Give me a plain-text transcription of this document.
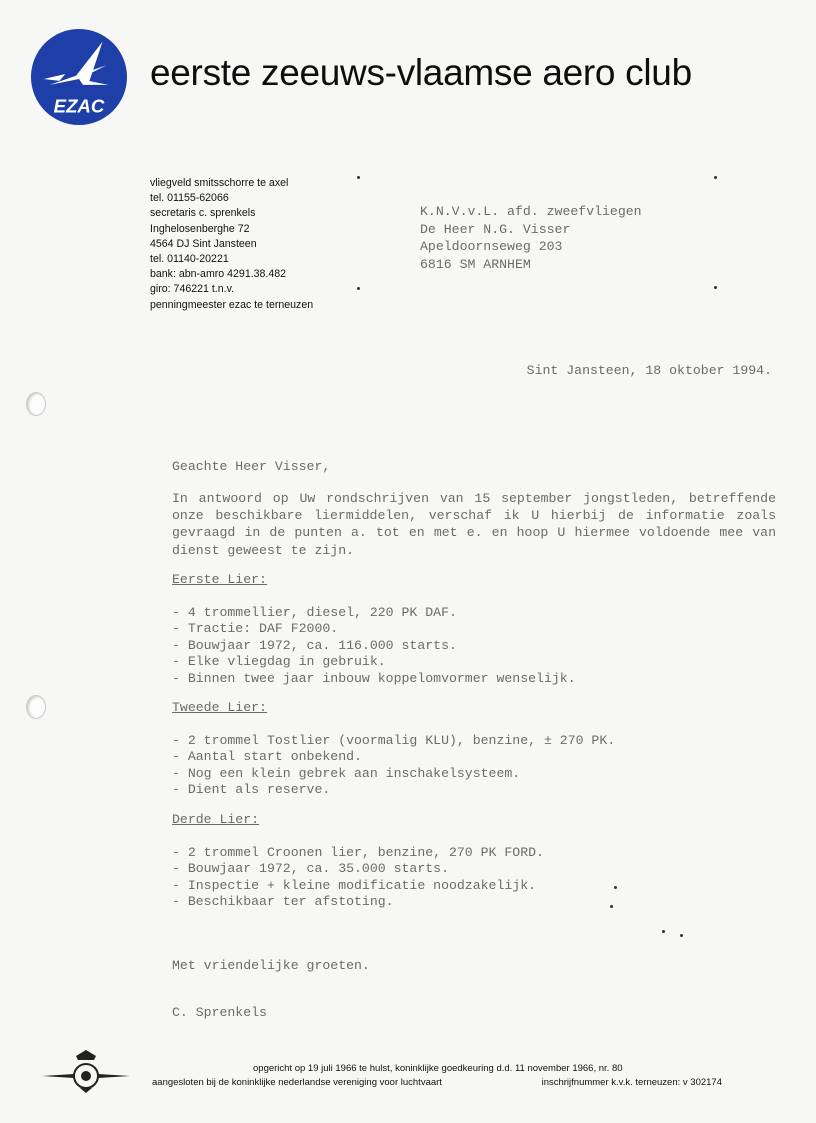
EZAC
eerste zeeuws-vlaamse aero club
vliegveld smitsschorre te axel
tel. 01155-62066
secretaris c. sprenkels
Inghelosenberghe 72
4564 DJ Sint Jansteen
tel. 01140-20221
bank: abn-amro 4291.38.482
giro: 746221 t.n.v.
penningmeester ezac te terneuzen
K.N.V.v.L. afd. zweefvliegen
De Heer N.G. Visser
Apeldoornseweg 203
6816 SM ARNHEM
Sint Jansteen, 18 oktober 1994.
Geachte Heer Visser,
In antwoord op Uw rondschrijven van 15 september jongstleden, betreffende
onze beschikbare liermiddelen, verschaf ik U hierbij de informatie zoals
gevraagd in de punten a. tot en met e. en hoop U hiermee voldoende mee van
dienst geweest te zijn.
Eerste Lier:
- 4 trommellier, diesel, 220 PK DAF.
- Tractie: DAF F2000.
- Bouwjaar 1972, ca. 116.000 starts.
- Elke vliegdag in gebruik.
- Binnen twee jaar inbouw koppelomvormer wenselijk.
Tweede Lier:
- 2 trommel Tostlier (voormalig KLU), benzine, ± 270 PK.
- Aantal start onbekend.
- Nog een klein gebrek aan inschakelsysteem.
- Dient als reserve.
Derde Lier:
- 2 trommel Croonen lier, benzine, 270 PK FORD.
- Bouwjaar 1972, ca. 35.000 starts.
- Inspectie + kleine modificatie noodzakelijk.
- Beschikbaar ter afstoting.
Met vriendelijke groeten.
C. Sprenkels
opgericht op 19 juli 1966 te hulst, koninklijke goedkeuring d.d. 11 november 1966, nr. 80
aangesloten bij de koninklijke nederlandse vereniging voor luchtvaart	inschrijfnummer k.v.k. terneuzen: v 302174
